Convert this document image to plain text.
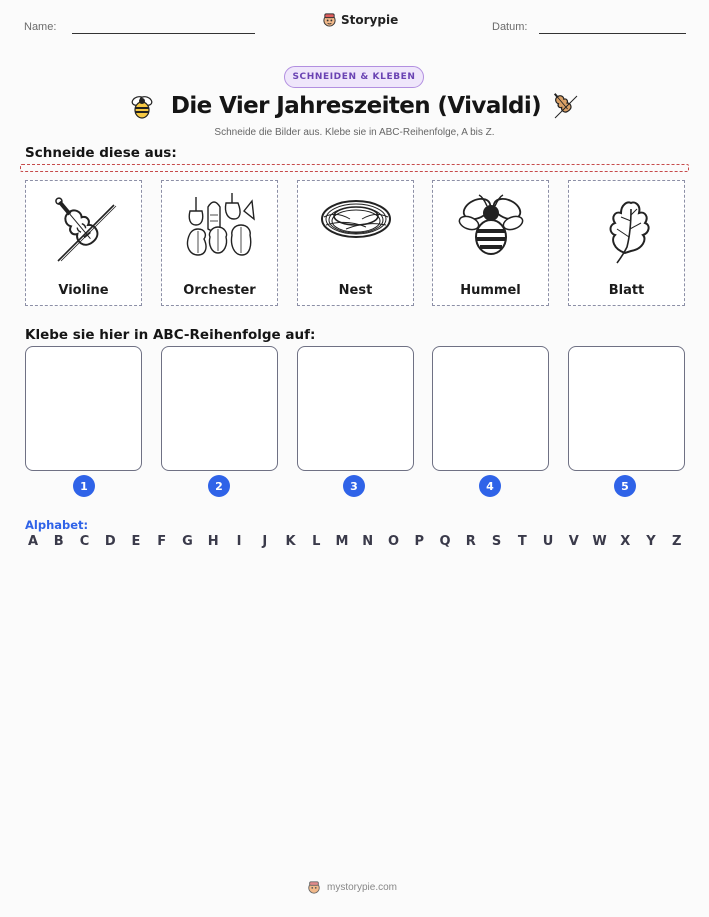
Name:
Storypie
Datum:
SCHNEIDEN & KLEBEN
Die Vier Jahreszeiten (Vivaldi)
Schneide die Bilder aus. Klebe sie in ABC-Reihenfolge, A bis Z.
Schneide diese aus:
Violine	Orchester	Nest	Hummel	Blatt
Klebe sie hier in ABC-Reihenfolge auf:
1	2	3	4	5
Alphabet:
A B C D E F G H	I	J	K L M N O P Q R S T U V W X Y Z
mystorypie.com
